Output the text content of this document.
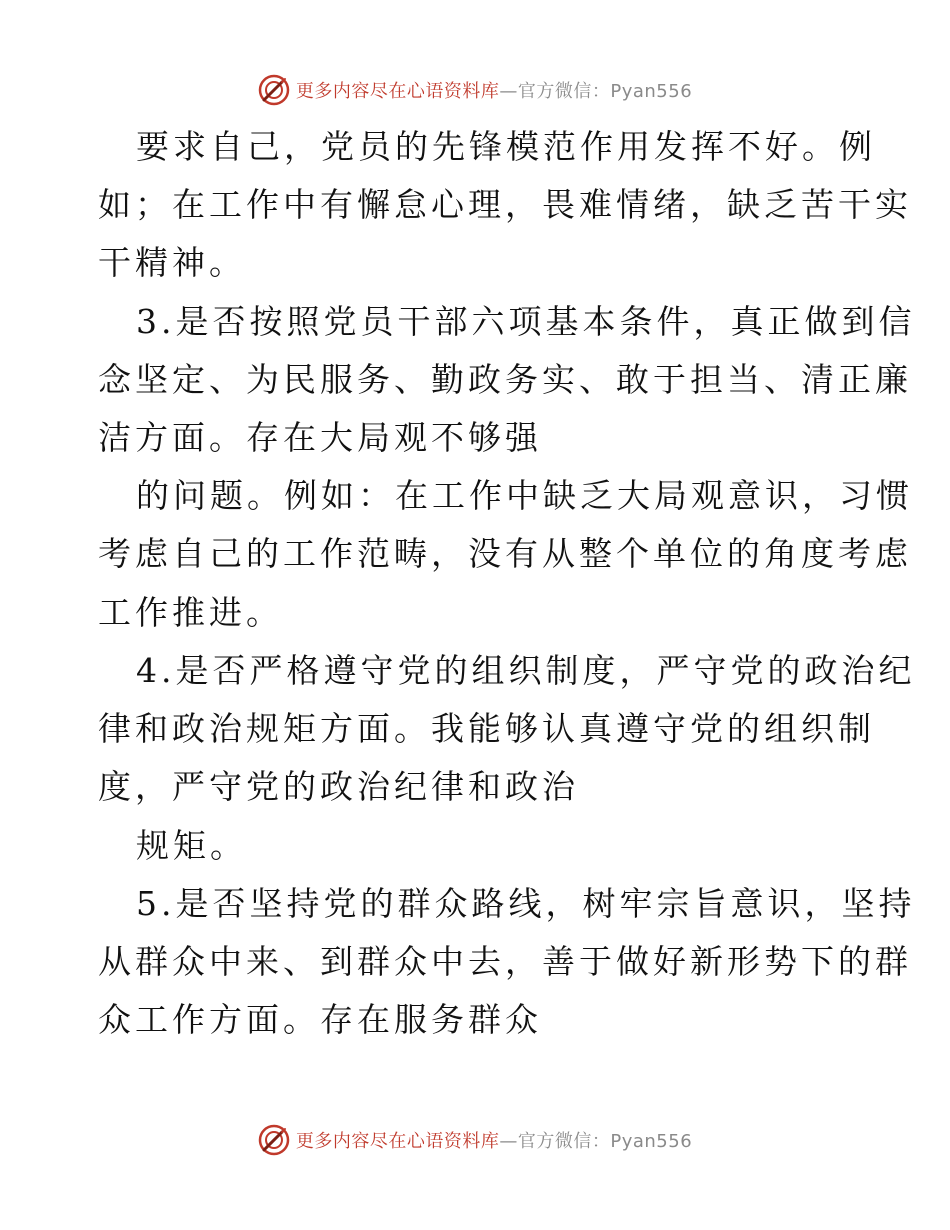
更多内容尽在心语资料库—官方微信：Pyan556
要求自己，党员的先锋模范作用发挥不好。例
如；在工作中有懈怠心理，畏难情绪，缺乏苦干实
干精神。
3.是否按照党员干部六项基本条件，真正做到信
念坚定、为民服务、勤政务实、敢于担当、清正廉
洁方面。存在大局观不够强
的问题。例如：在工作中缺乏大局观意识，习惯
考虑自己的工作范畴，没有从整个单位的角度考虑
工作推进。
4.是否严格遵守党的组织制度，严守党的政治纪
律和政治规矩方面。我能够认真遵守党的组织制
度，严守党的政治纪律和政治
规矩。
5.是否坚持党的群众路线，树牢宗旨意识，坚持
从群众中来、到群众中去，善于做好新形势下的群
众工作方面。存在服务群众
更多内容尽在心语资料库—官方微信：Pyan556
